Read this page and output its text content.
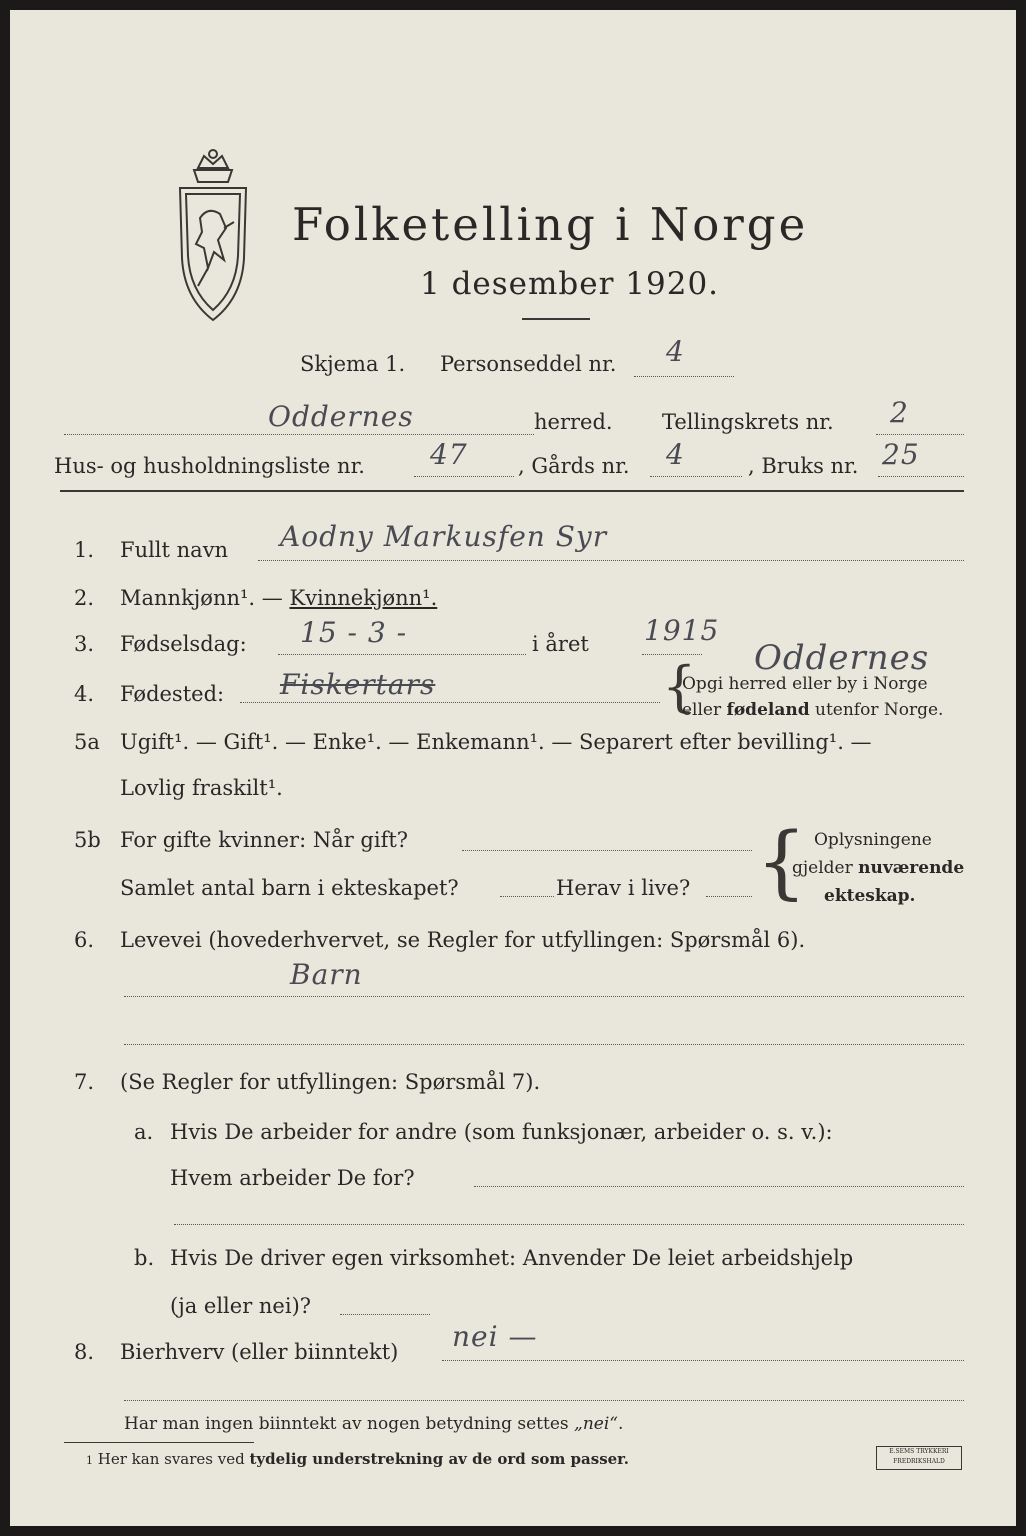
Folketelling i Norge
1 desember 1920.
Skjema 1. Personseddel nr. 4
Oddernes	herred. Tellingskrets nr. 2
Hus- og husholdningsliste nr. 47 , Gårds nr. 4	, Bruks nr. 25
1. Fullt navn Aodny Markusfen Syr
2. Mannkjønn¹. — Kvinnekjønn¹.
3. Fødselsdag: 15 - 3 -	i året 1915
4. Fødested: Fiskertars
Oddernes
{
Opgi herred eller by i Norge
eller fødeland utenfor Norge.
5a Ugift¹. — Gift¹. — Enke¹. — Enkemann¹. — Separert efter bevilling¹. —
Lovlig fraskilt¹.
5b For gifte kvinner: Når gift?
Samlet antal barn i ekteskapet?	Herav i live? { Oplysningene
gjelder nuværende
ekteskap.
6. Levevei (hovederhvervet, se Regler for utfyllingen: Spørsmål 6).
Barn
7. (Se Regler for utfyllingen: Spørsmål 7).
a. Hvis De arbeider for andre (som funksjonær, arbeider o. s. v.):
Hvem arbeider De for?
b. Hvis De driver egen virksomhet: Anvender De leiet arbeidshjelp
(ja eller nei)?
8. Bierhverv (eller biinntekt) nei —
Har man ingen biinntekt av nogen betydning settes „nei“.
1 Her kan svares ved tydelig understrekning av de ord som passer.	E.SEMS TRYKKERI
FREDRIKSHALD
